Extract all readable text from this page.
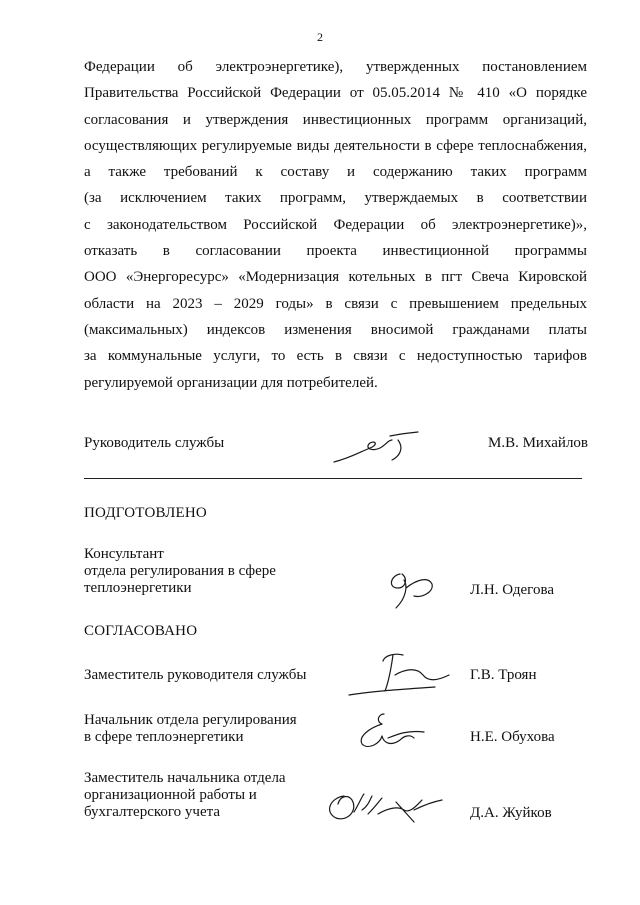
2
Федерации об электроэнергетике), утвержденных постановлением
Правительства Российской Федерации от 05.05.2014 № 410 «О порядке
согласования и утверждения инвестиционных программ организаций,
осуществляющих регулируемые виды деятельности в сфере теплоснабжения,
а также требований к составу и содержанию таких программ
(за исключением таких программ, утверждаемых в соответствии
с законодательством Российской Федерации об электроэнергетике)»,
отказать в согласовании проекта инвестиционной программы
ООО «Энергоресурс» «Модернизация котельных в пгт Свеча Кировской
области на 2023 – 2029 годы» в связи с превышением предельных
(максимальных) индексов изменения вносимой гражданами платы
за коммунальные услуги, то есть в связи с недоступностью тарифов
регулируемой организации для потребителей.
Руководитель службы	М.В. Михайлов
ПОДГОТОВЛЕНО
Консультант
отдела регулирования в сфере
теплоэнергетики	Л.Н. Одегова
СОГЛАСОВАНО
Заместитель руководителя службы	Г.В. Троян
Начальник отдела регулирования
в сфере теплоэнергетики	Н.Е. Обухова
Заместитель начальника отдела
организационной работы и
бухгалтерского учета	Д.А. Жуйков
